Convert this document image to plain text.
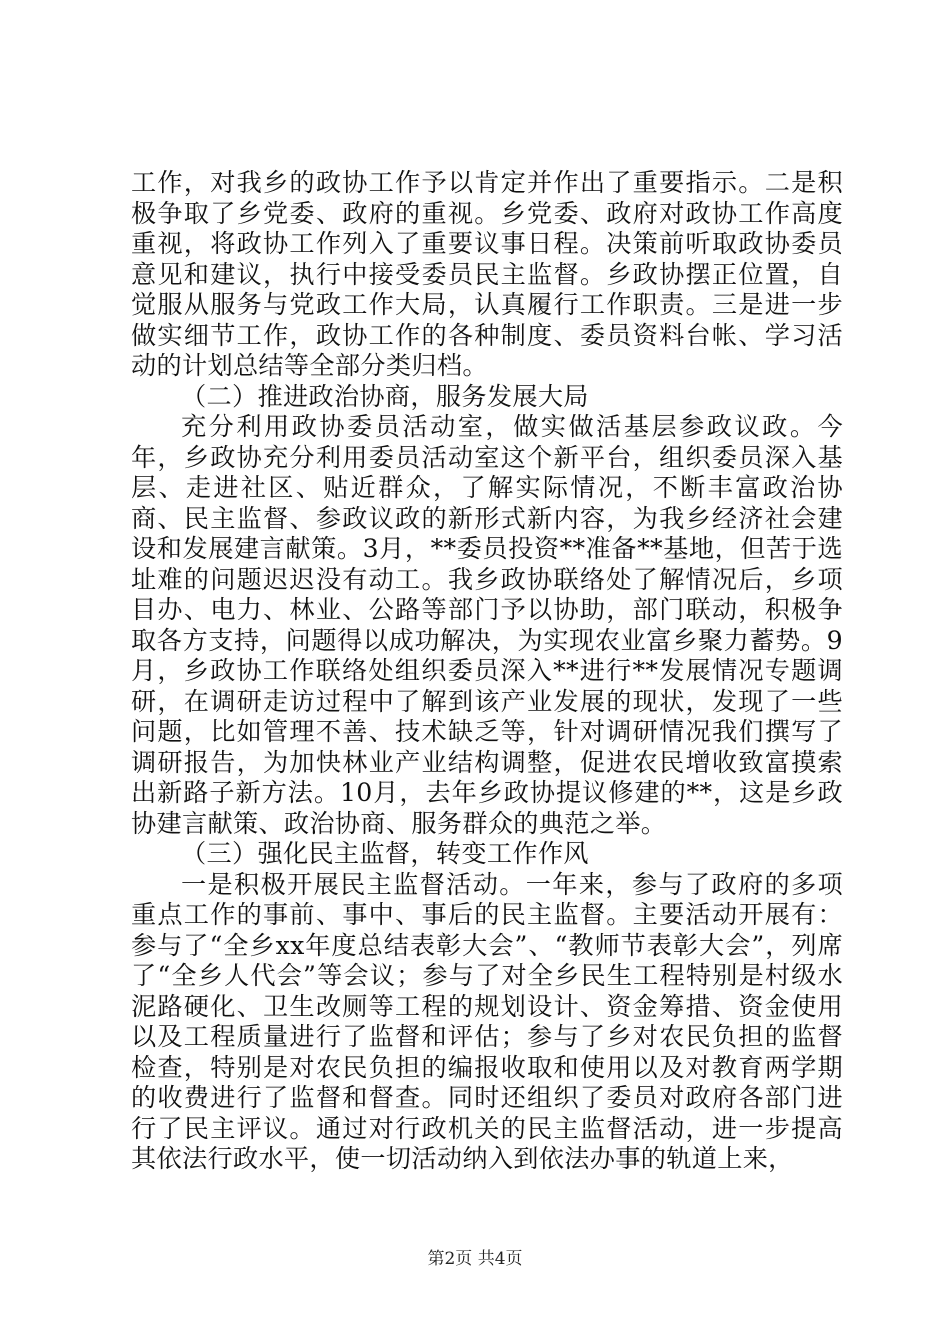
工作，对我乡的政协工作予以肯定并作出了重要指示。二是积极争取了乡党委、政府的重视。乡党委、政府对政协工作高度重视，将政协工作列入了重要议事日程。决策前听取政协委员意见和建议，执行中接受委员民主监督。乡政协摆正位置，自觉服从服务与党政工作大局，认真履行工作职责。三是进一步做实细节工作，政协工作的各种制度、委员资料台帐、学习活动的计划总结等全部分类归档。

（二）推进政治协商，服务发展大局

充分利用政协委员活动室，做实做活基层参政议政。今年，乡政协充分利用委员活动室这个新平台，组织委员深入基层、走进社区、贴近群众，了解实际情况，不断丰富政治协商、民主监督、参政议政的新形式新内容，为我乡经济社会建设和发展建言献策。3月，**委员投资**准备**基地，但苦于选址难的问题迟迟没有动工。我乡政协联络处了解情况后，乡项目办、电力、林业、公路等部门予以协助，部门联动，积极争取各方支持，问题得以成功解决，为实现农业富乡聚力蓄势。9月，乡政协工作联络处组织委员深入**进行**发展情况专题调研，在调研走访过程中了解到该产业发展的现状，发现了一些问题，比如管理不善、技术缺乏等，针对调研情况我们撰写了调研报告，为加快林业产业结构调整，促进农民增收致富摸索出新路子新方法。10月，去年乡政协提议修建的**，这是乡政协建言献策、政治协商、服务群众的典范之举。

（三）强化民主监督，转变工作作风

一是积极开展民主监督活动。一年来，参与了政府的多项重点工作的事前、事中、事后的民主监督。主要活动开展有：参与了“全乡xx年度总结表彰大会”、“教师节表彰大会”，列席了“全乡人代会”等会议；参与了对全乡民生工程特别是村级水泥路硬化、卫生改厕等工程的规划设计、资金筹措、资金使用以及工程质量进行了监督和评估；参与了乡对农民负担的监督检查，特别是对农民负担的编报收取和使用以及对教育两学期的收费进行了监督和督查。同时还组织了委员对政府各部门进行了民主评议。通过对行政机关的民主监督活动，进一步提高其依法行政水平，使一切活动纳入到依法办事的轨道上来，

第2页 共4页
